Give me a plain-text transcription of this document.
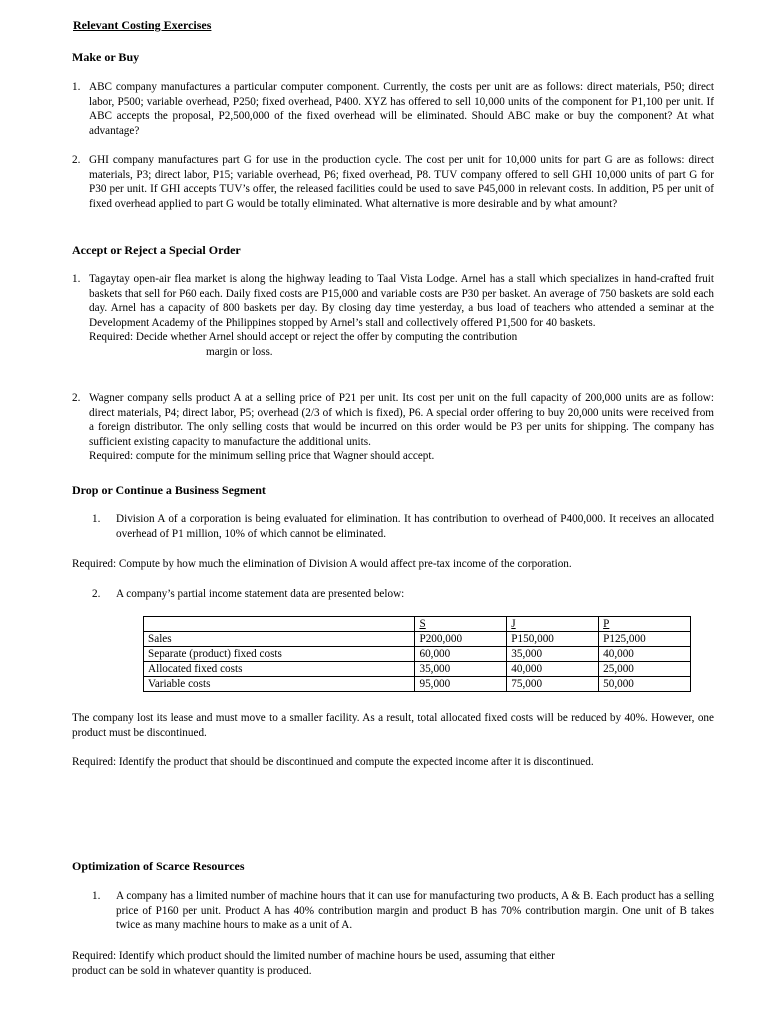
Relevant Costing Exercises
Make or Buy
1. ABC company manufactures a particular computer component. Currently, the costs per unit are as follows: direct materials, P50; direct labor, P500; variable overhead, P250; fixed overhead, P400. XYZ has offered to sell 10,000 units of the component for P1,100 per unit. If ABC accepts the proposal, P2,500,000 of the fixed overhead will be eliminated. Should ABC make or buy the component? At what advantage?
2. GHI company manufactures part G for use in the production cycle. The cost per unit for 10,000 units for part G are as follows: direct materials, P3; direct labor, P15; variable overhead, P6; fixed overhead, P8. TUV company offered to sell GHI 10,000 units of part G for P30 per unit. If GHI accepts TUV’s offer, the released facilities could be used to save P45,000 in relevant costs. In addition, P5 per unit of fixed overhead applied to part G would be totally eliminated. What alternative is more desirable and by what amount?
Accept or Reject a Special Order
1. Tagaytay open-air flea market is along the highway leading to Taal Vista Lodge. Arnel has a stall which specializes in hand-crafted fruit baskets that sell for P60 each. Daily fixed costs are P15,000 and variable costs are P30 per basket. An average of 750 baskets are sold each day. Arnel has a capacity of 800 baskets per day. By closing day time yesterday, a bus load of teachers who attended a seminar at the Development Academy of the Philippines stopped by Arnel’s stall and collectively offered P1,500 for 40 baskets.
Required: Decide whether Arnel should accept or reject the offer by computing the contribution
margin or loss.
2. Wagner company sells product A at a selling price of P21 per unit. Its cost per unit on the full capacity of 200,000 units are as follow: direct materials, P4; direct labor, P5; overhead (2/3 of which is fixed), P6. A special order offering to buy 20,000 units were received from a foreign distributor. The only selling costs that would be incurred on this order would be P3 per units for shipping. The company has sufficient existing capacity to manufacture the additional units.
Required: compute for the minimum selling price that Wagner should accept.
Drop or Continue a Business Segment
1. Division A of a corporation is being evaluated for elimination. It has contribution to overhead of P400,000. It receives an allocated overhead of P1 million, 10% of which cannot be eliminated.
Required: Compute by how much the elimination of Division A would affect pre-tax income of the corporation.
2. A company’s partial income statement data are presented below:
	S	J	P
Sales	P200,000	P150,000	P125,000
Separate (product) fixed costs	60,000	35,000	40,000
Allocated fixed costs	35,000	40,000	25,000
Variable costs	95,000	75,000	50,000
The company lost its lease and must move to a smaller facility. As a result, total allocated fixed costs will be reduced by 40%. However, one product must be discontinued.
Required: Identify the product that should be discontinued and compute the expected income after it is discontinued.
Optimization of Scarce Resources
1. A company has a limited number of machine hours that it can use for manufacturing two products, A & B. Each product has a selling price of P160 per unit. Product A has 40% contribution margin and product B has 70% contribution margin. One unit of B takes twice as many machine hours to make as a unit of A.
Required: Identify which product should the limited number of machine hours be used, assuming that either
product can be sold in whatever quantity is produced.
